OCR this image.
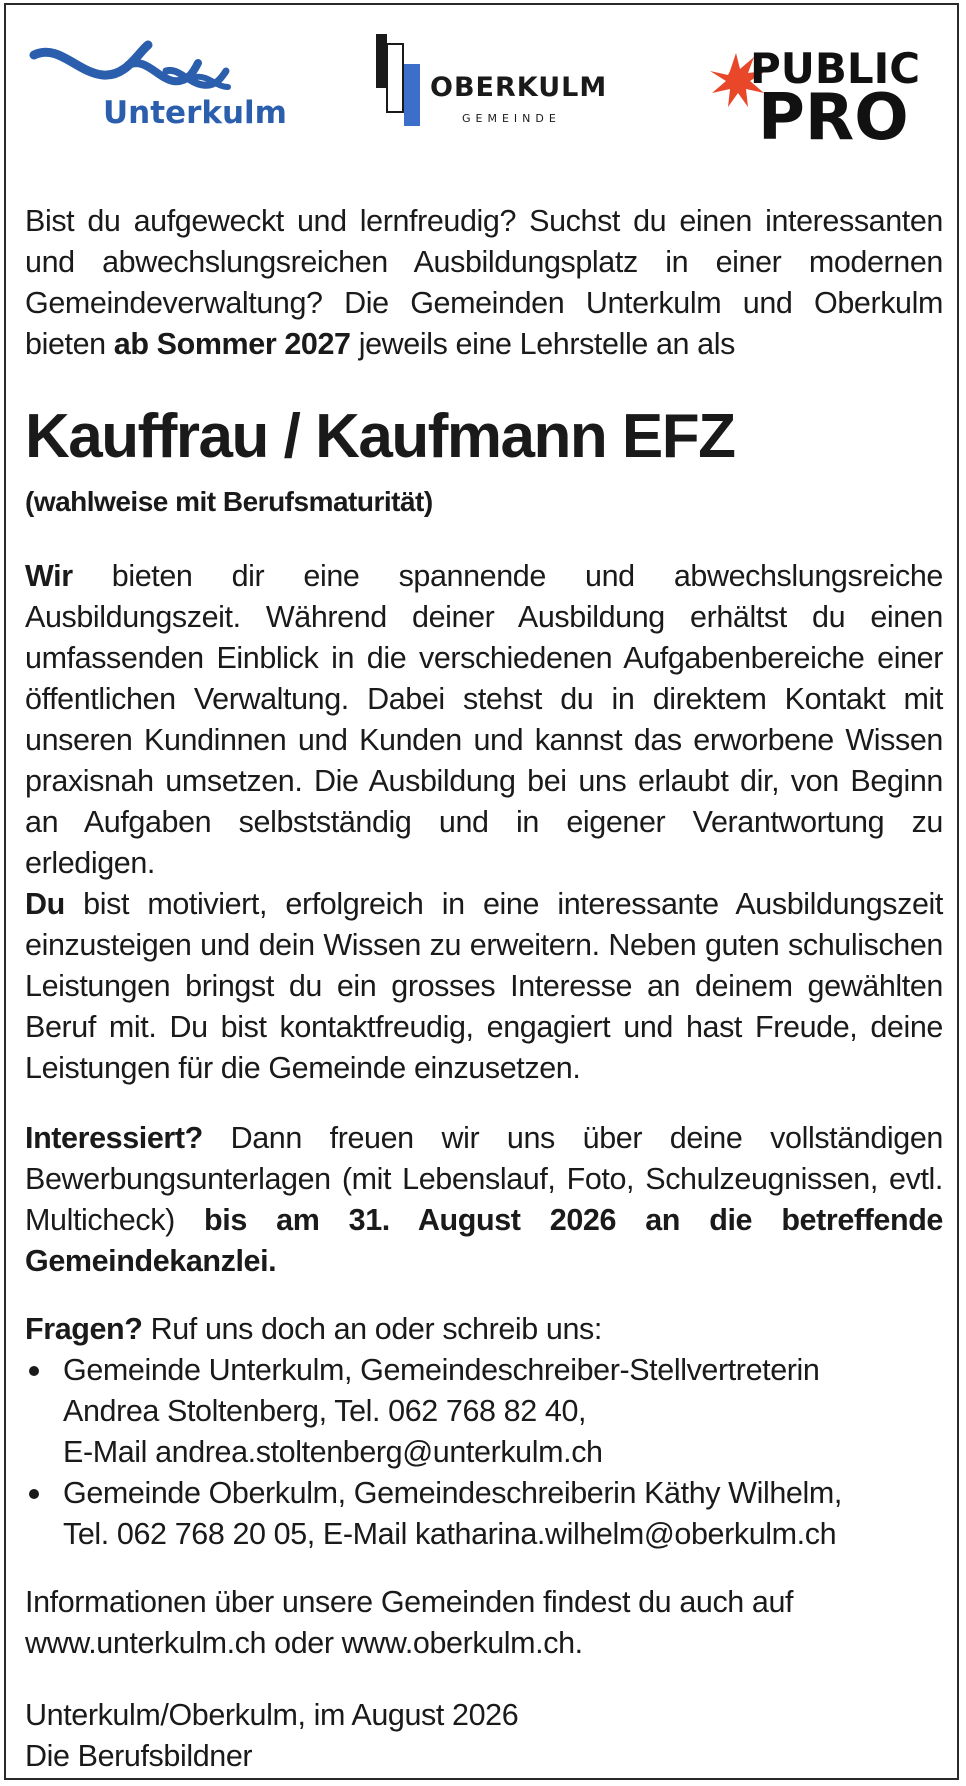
Unterkulm
OBERKULM
GEMEINDE
PUBLIC
PRO

Bist du aufgeweckt und lernfreudig? Suchst du einen interessanten und abwechslungsreichen Ausbildungsplatz in einer modernen Gemeindeverwaltung? Die Gemeinden Unterkulm und Oberkulm bieten ab Sommer 2027 jeweils eine Lehrstelle an als

Kauffrau / Kaufmann EFZ
(wahlweise mit Berufsmaturität)

Wir bieten dir eine spannende und abwechslungsreiche Ausbildungszeit. Während deiner Ausbildung erhältst du einen umfassenden Einblick in die verschiedenen Aufgabenbereiche einer öffentlichen Verwaltung. Dabei stehst du in direktem Kontakt mit unseren Kundinnen und Kunden und kannst das erworbene Wissen praxisnah umsetzen. Die Ausbildung bei uns erlaubt dir, von Beginn an Aufgaben selbstständig und in eigener Verantwortung zu erledigen.

Du bist motiviert, erfolgreich in eine interessante Ausbildungszeit einzusteigen und dein Wissen zu erweitern. Neben guten schulischen Leistungen bringst du ein grosses Interesse an deinem gewählten Beruf mit. Du bist kontaktfreudig, engagiert und hast Freude, deine Leistungen für die Gemeinde einzusetzen.

Interessiert? Dann freuen wir uns über deine vollständigen Bewerbungsunterlagen (mit Lebenslauf, Foto, Schulzeugnissen, evtl. Multicheck) bis am 31. August 2026 an die betreffende Gemeindekanzlei.

Fragen? Ruf uns doch an oder schreib uns:

Gemeinde Unterkulm, Gemeindeschreiber-Stellvertreterin
Andrea Stoltenberg, Tel. 062 768 82 40,
E-Mail andrea.stoltenberg@unterkulm.ch
Gemeinde Oberkulm, Gemeindeschreiberin Käthy Wilhelm,
Tel. 062 768 20 05, E-Mail katharina.wilhelm@oberkulm.ch

Informationen über unsere Gemeinden findest du auch auf
www.unterkulm.ch oder www.oberkulm.ch.

Unterkulm/Oberkulm, im August 2026
Die Berufsbildner
